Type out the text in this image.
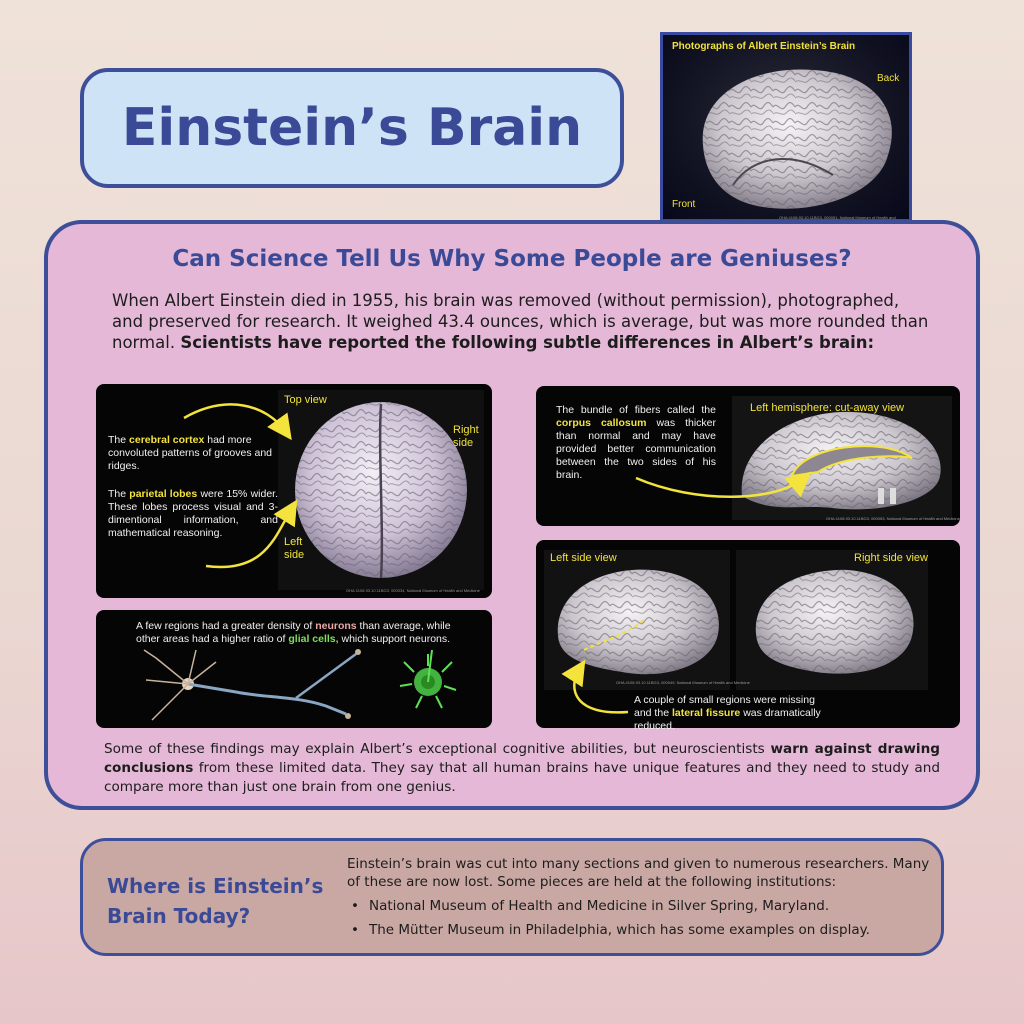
Einstein’s Brain
Photographs of Albert Einstein’s Brain
Back
Front
OHA 4108.93.10.11BG3, 000051, National Museum of Health and
Can Science Tell Us Why Some People are Geniuses?
When Albert Einstein died in 1955, his brain was removed (without permission), photographed, and preserved for research. It weighed 43.4 ounces, which is average, but was more rounded than normal. Scientists have reported the following subtle differences in Albert’s brain:
Top view
Right
side
Left
side
The cerebral cortex had more convoluted patterns of grooves and ridges.
The parietal lobes were 15% wider. These lobes process visual and 3-dimentional information, and mathematical reasoning.
OHA 4108.93.10.11BG3, 000034, National Museum of Health and Medicine
Left hemisphere: cut-away view
The bundle of fibers called the corpus callosum was thicker than normal and may have provided better communication between the two sides of his brain.
OHA 4108.93.10.11BG3, 000053, National Museum of Health and Medicine
A few regions had a greater density of neurons than average, while other areas had a higher ratio of glial cells, which support neurons.
Left side view	Right side view
A couple of small regions were missing and the lateral fissure was dramatically reduced.
OHA 4108.93.10.11BG3, 000049, National Museum of Health and Medicine
Some of these findings may explain Albert’s exceptional cognitive abilities, but neuroscientists warn against drawing conclusions from these limited data. They say that all human brains have unique features and they need to study and compare more than just one brain from one genius.
Where is Einstein’s
Brain Today?
Einstein’s brain was cut into many sections and given to numerous researchers. Many of these are now lost. Some pieces are held at the following institutions:
• National Museum of Health and Medicine in Silver Spring, Maryland.
• The Mütter Museum in Philadelphia, which has some examples on display.
